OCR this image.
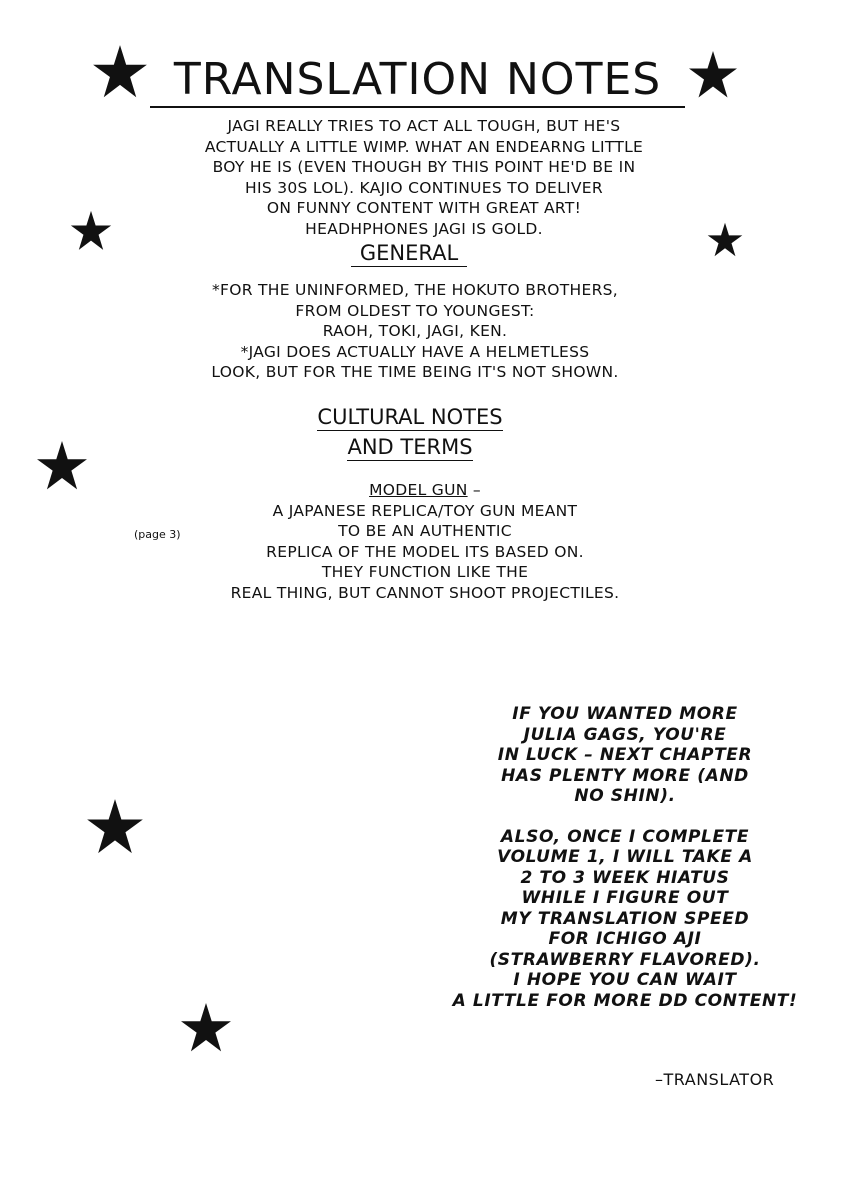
TRANSLATION NOTES
JAGI REALLY TRIES TO ACT ALL TOUGH, BUT HE'S
ACTUALLY A LITTLE WIMP. WHAT AN ENDEARNG LITTLE
BOY HE IS (EVEN THOUGH BY THIS POINT HE'D BE IN
HIS 30S LOL). KAJIO CONTINUES TO DELIVER
ON FUNNY CONTENT WITH GREAT ART!
HEADHPHONES JAGI IS GOLD.
GENERAL
*FOR THE UNINFORMED, THE HOKUTO BROTHERS,
FROM OLDEST TO YOUNGEST:
RAOH, TOKI, JAGI, KEN.
*JAGI DOES ACTUALLY HAVE A HELMETLESS
LOOK, BUT FOR THE TIME BEING IT'S NOT SHOWN.
CULTURAL NOTES
AND TERMS
(page 3)
MODEL GUN –
A JAPANESE REPLICA/TOY GUN MEANT
TO BE AN AUTHENTIC
REPLICA OF THE MODEL ITS BASED ON.
THEY FUNCTION LIKE THE
REAL THING, BUT CANNOT SHOOT PROJECTILES.
IF YOU WANTED MORE
JULIA GAGS, YOU'RE
IN LUCK – NEXT CHAPTER
HAS PLENTY MORE (AND
NO SHIN).
ALSO, ONCE I COMPLETE
VOLUME 1, I WILL TAKE A
2 TO 3 WEEK HIATUS
WHILE I FIGURE OUT
MY TRANSLATION SPEED
FOR ICHIGO AJI
(STRAWBERRY FLAVORED).
I HOPE YOU CAN WAIT
A LITTLE FOR MORE DD CONTENT!
–TRANSLATOR
